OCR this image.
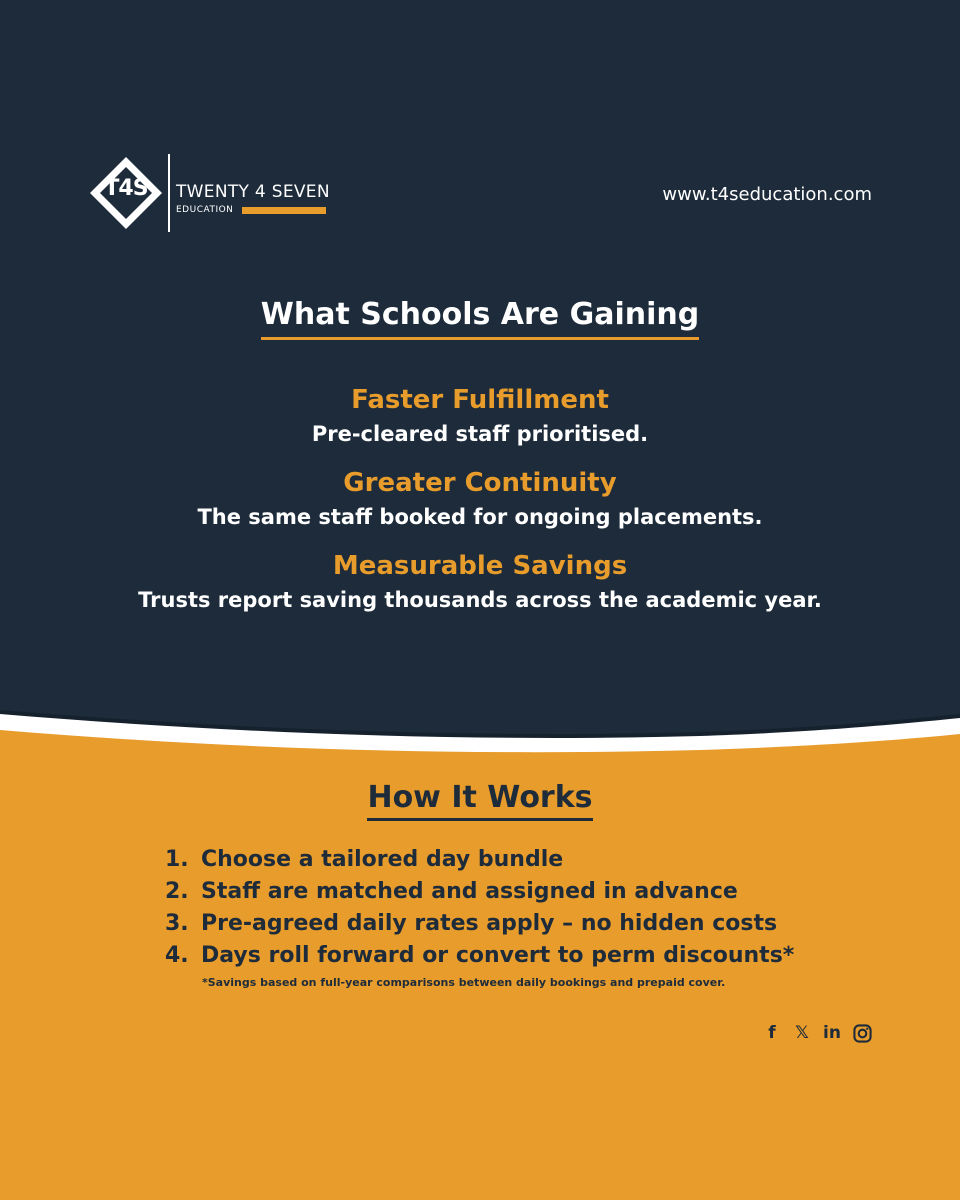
T4S	TWENTY 4 SEVEN
EDUCATION
www.t4seducation.com
What Schools Are Gaining
Faster Fulfillment
Pre-cleared staff prioritised.
Greater Continuity
The same staff booked for ongoing placements.
Measurable Savings
Trusts report saving thousands across the academic year.
How It Works
1. Choose a tailored day bundle
2. Staff are matched and assigned in advance
3. Pre-agreed daily rates apply – no hidden costs
4. Days roll forward or convert to perm discounts*
*Savings based on full-year comparisons between daily bookings and prepaid cover.
f	𝕏 in
